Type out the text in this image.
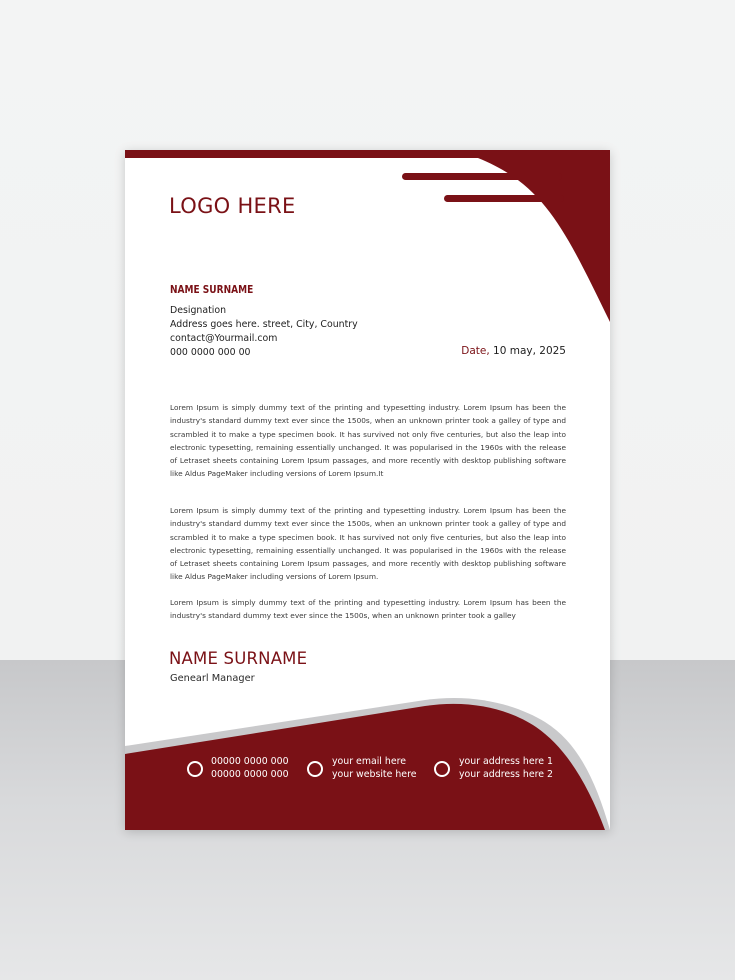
LOGO HERE
NAME SURNAME
Designation
Address goes here. street, City, Country
contact@Yourmail.com
000 0000 000 00	Date, 10 may, 2025

Lorem Ipsum is simply dummy text of the printing and typesetting industry. Lorem Ipsum has been the industry's standard dummy text ever since the 1500s, when an unknown printer took a galley of type and scrambled it to make a type specimen book. It has survived not only five centuries, but also the leap into electronic typesetting, remaining essentially unchanged. It was popularised in the 1960s with the release of Letraset sheets containing Lorem Ipsum passages, and more recently with desktop publishing software like Aldus PageMaker including versions of Lorem Ipsum.It

Lorem Ipsum is simply dummy text of the printing and typesetting industry. Lorem Ipsum has been the industry's standard dummy text ever since the 1500s, when an unknown printer took a galley of type and scrambled it to make a type specimen book. It has survived not only five centuries, but also the leap into electronic typesetting, remaining essentially unchanged. It was popularised in the 1960s with the release of Letraset sheets containing Lorem Ipsum passages, and more recently with desktop publishing software like Aldus PageMaker including versions of Lorem Ipsum.

Lorem Ipsum is simply dummy text of the printing and typesetting industry. Lorem Ipsum has been the industry's standard dummy text ever since the 1500s, when an unknown printer took a galley

NAME SURNAME
Genearl Manager
00000 0000 000
00000 0000 000
your email here
your website here
your address here 1
your address here 2
